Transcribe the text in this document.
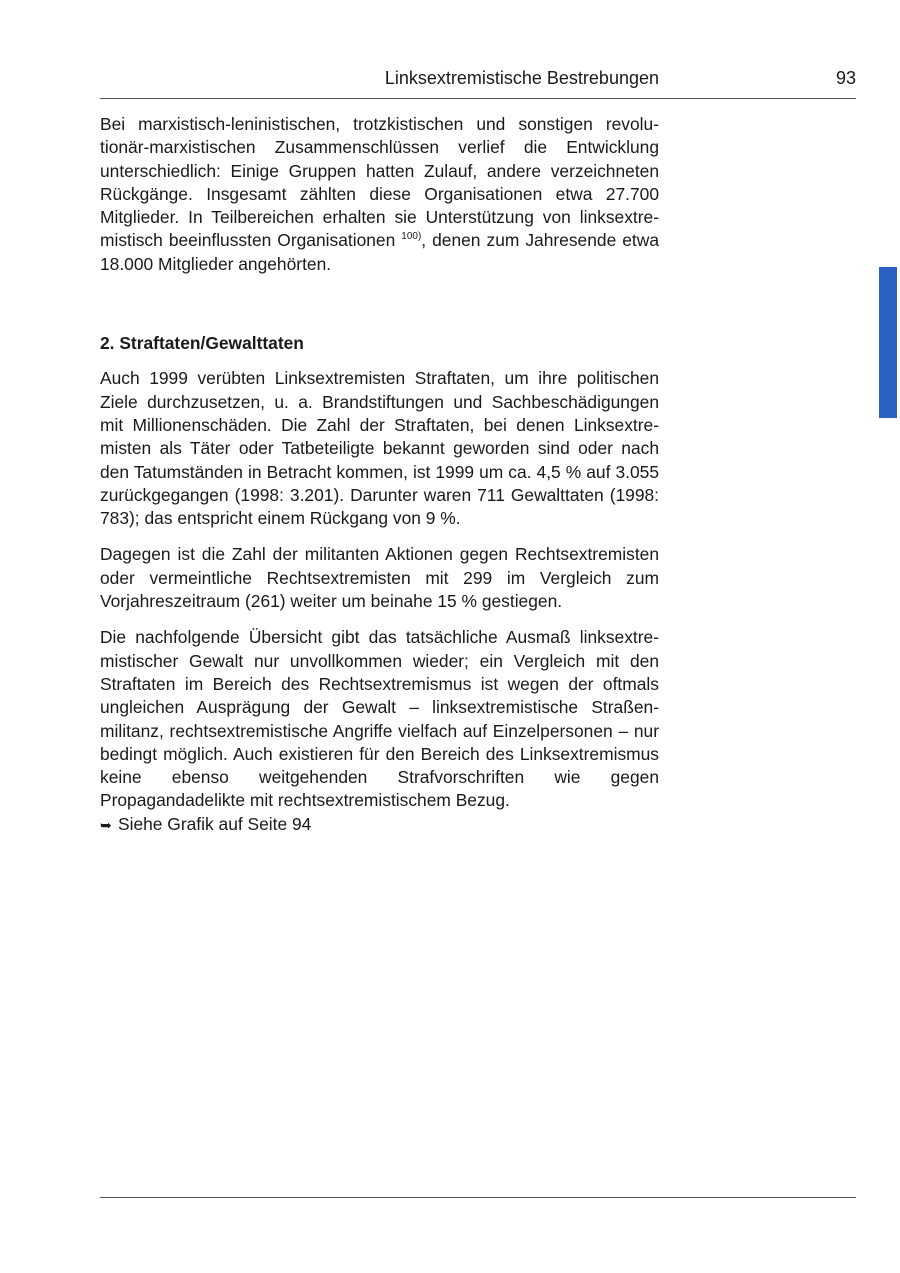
Linksextremistische Bestrebungen	93

Bei marxistisch-leninistischen, trotzkistischen und sonstigen revolutionär-marxistischen Zusammenschlüssen verlief die Entwicklung unterschiedlich: Einige Gruppen hatten Zulauf, andere verzeichneten Rückgänge. Insgesamt zählten diese Organisationen etwa 27.700 Mitglieder. In Teilbereichen erhalten sie Unterstützung von linksextremistisch beeinflussten Organisationen $^{100)}$, denen zum Jahresende etwa 18.000 Mitglieder angehörten.

2. Straftaten/Gewalttaten

Auch 1999 verübten Linksextremisten Straftaten, um ihre politischen Ziele durchzusetzen, u. a. Brandstiftungen und Sachbeschädigungen mit Millionenschäden. Die Zahl der Straftaten, bei denen Linksextremisten als Täter oder Tatbeteiligte bekannt geworden sind oder nach den Tatumständen in Betracht kommen, ist 1999 um ca. 4,5 % auf 3.055 zurückgegangen (1998: 3.201). Darunter waren 711 Gewalttaten (1998: 783); das entspricht einem Rückgang von 9 %.

Dagegen ist die Zahl der militanten Aktionen gegen Rechtsextremisten oder vermeintliche Rechtsextremisten mit 299 im Vergleich zum Vorjahreszeitraum (261) weiter um beinahe 15 % gestiegen.

Die nachfolgende Übersicht gibt das tatsächliche Ausmaß linksextremistischer Gewalt nur unvollkommen wieder; ein Vergleich mit den Straftaten im Bereich des Rechtsextremismus ist wegen der oftmals ungleichen Ausprägung der Gewalt – linksextremistische Straßenmilitanz, rechtsextremistische Angriffe vielfach auf Einzelpersonen – nur bedingt möglich. Auch existieren für den Bereich des Linksextremismus keine ebenso weitgehenden Strafvorschriften wie gegen Propagandadelikte mit rechtsextremistischem Bezug.

➥ Siehe Grafik auf Seite 94
